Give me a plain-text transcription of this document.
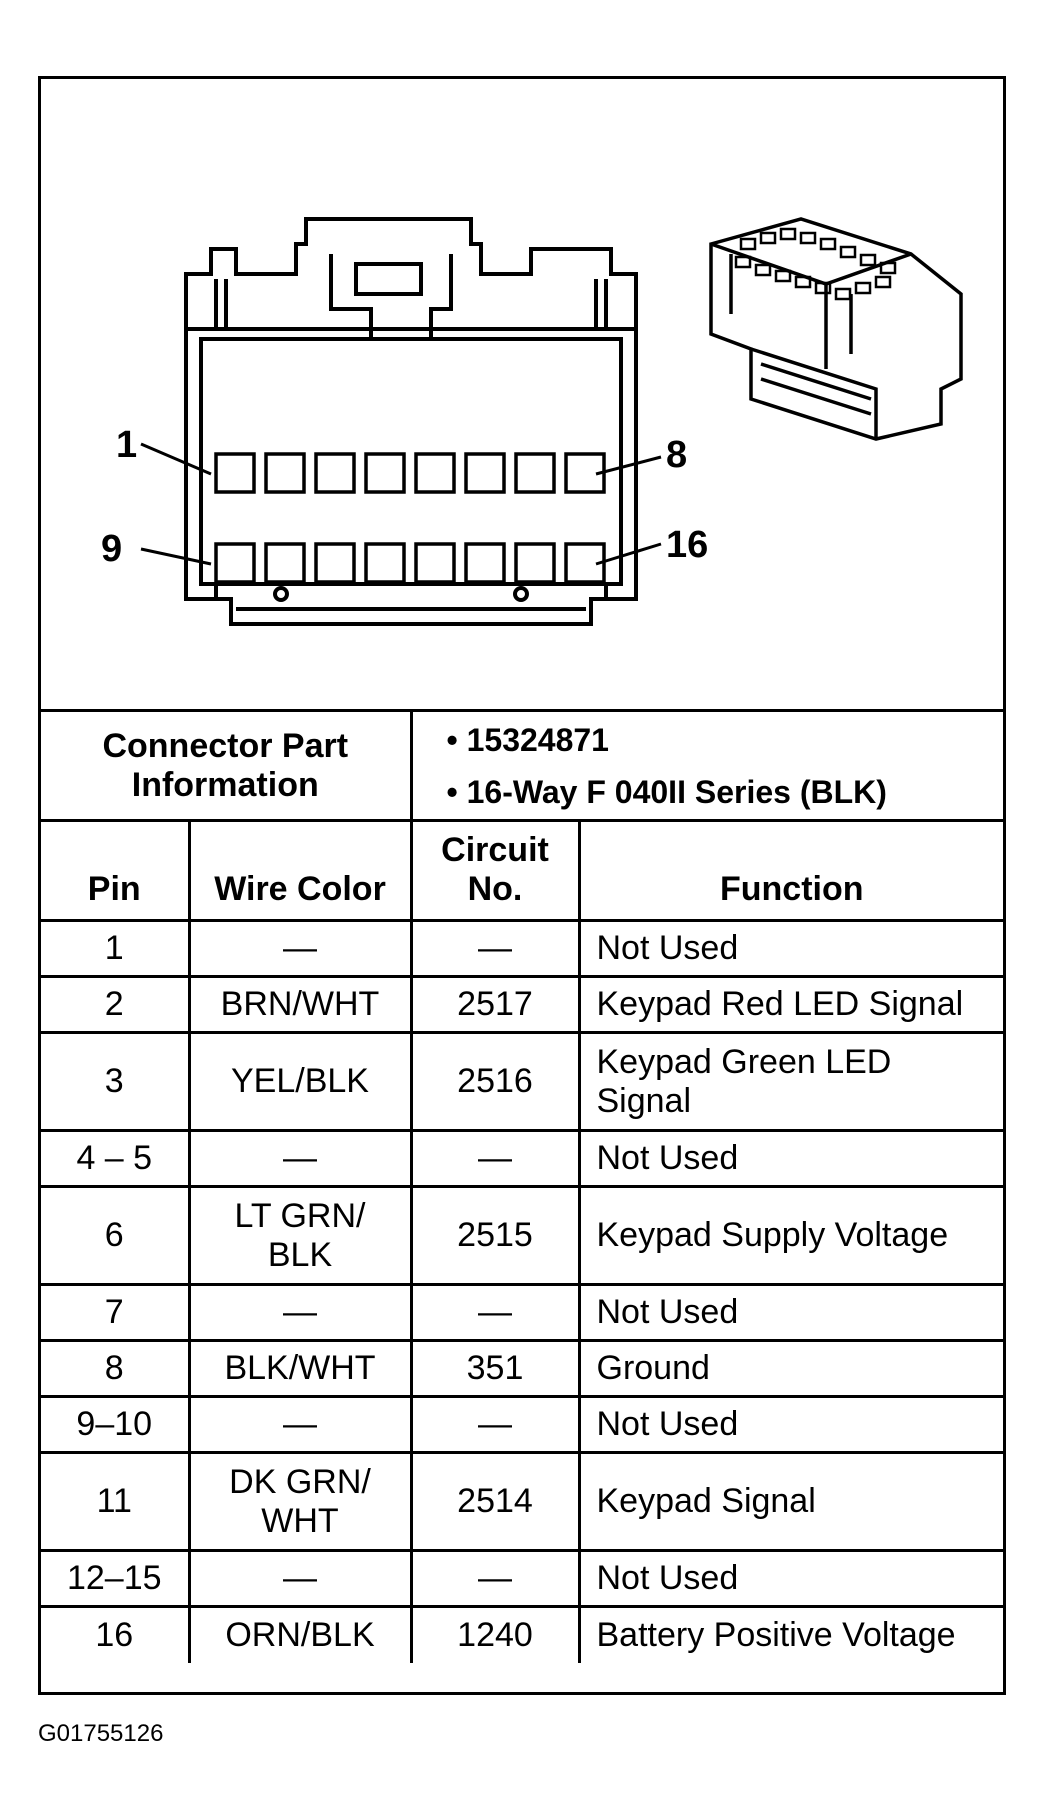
1	8
9	16
Connector Part Information		• 15324871
• 16-Way F 040II Series (BLK)	

Pin	Wire Color	Circuit No.	Function
1	—	—	Not Used
2	BRN/WHT	2517	Keypad Red LED Signal
3	YEL/BLK	2516	Keypad Green LED Signal
4 – 5	—	—	Not Used
6	LT GRN/ BLK	2515	Keypad Supply Voltage
7	—	—	Not Used
8	BLK/WHT	351	Ground
9–10	—	—	Not Used
11	DK GRN/ WHT	2514	Keypad Signal
12–15	—	—	Not Used
16	ORN/BLK	1240	Battery Positive Voltage
G01755126
